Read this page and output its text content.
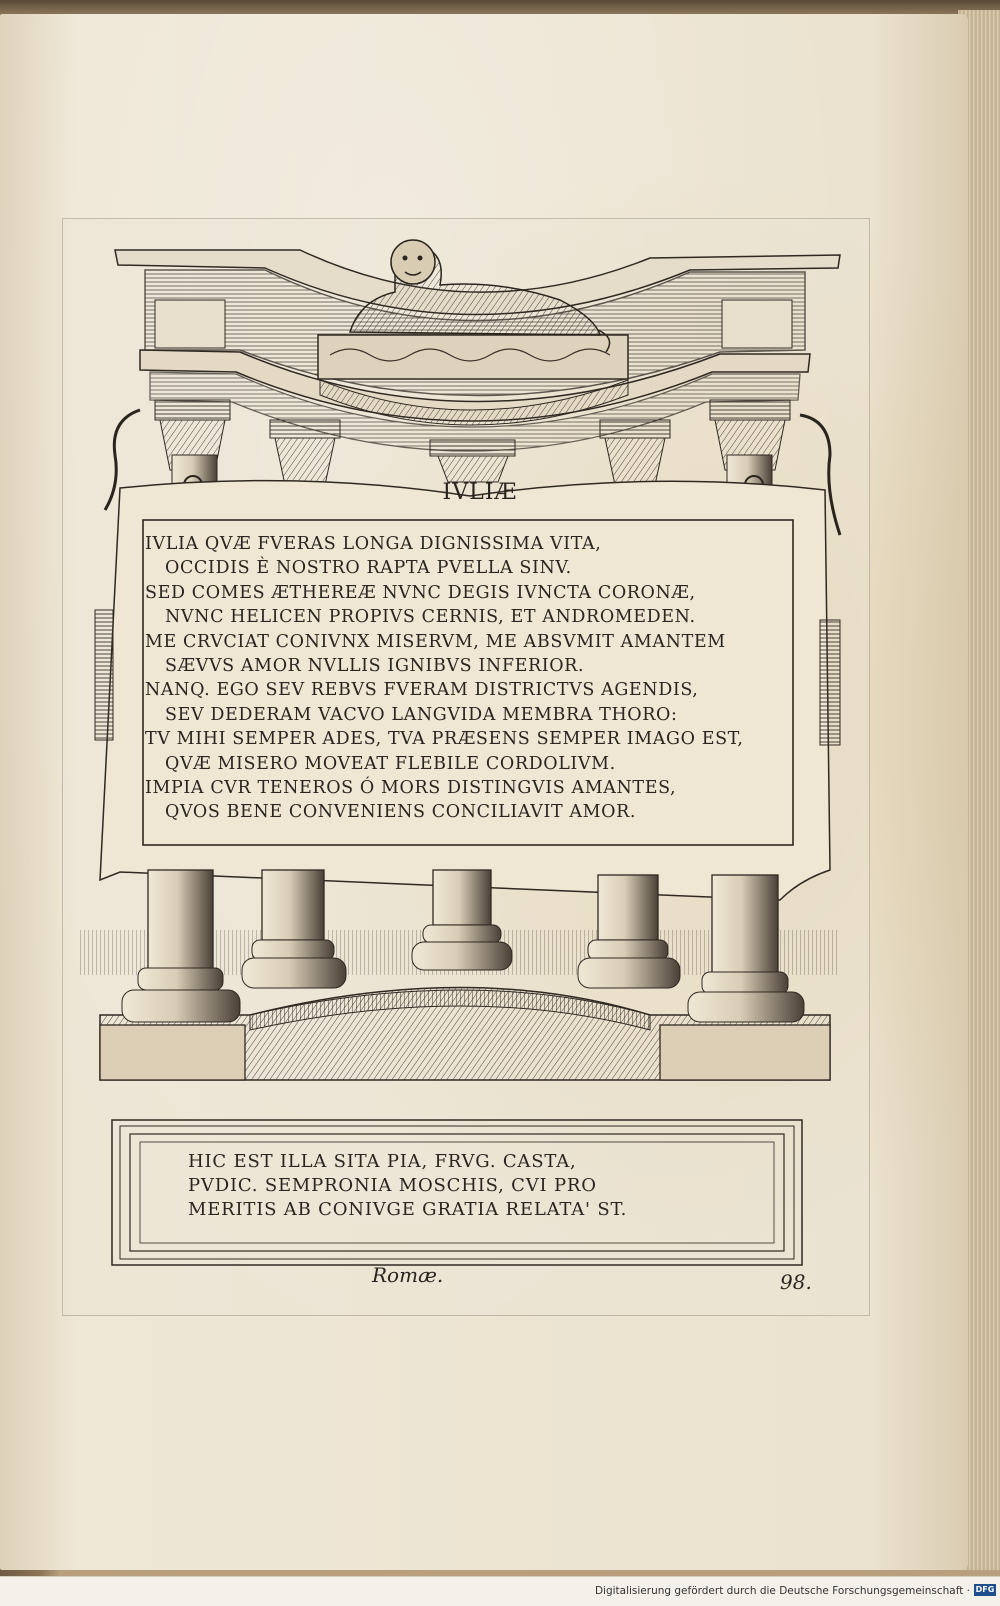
IVLIÆ
IVLIA QVÆ FVERAS LONGA DIGNISSIMA VITA,
OCCIDIS È NOSTRO RAPTA PVELLA SINV.
SED COMES ÆTHEREÆ NVNC DEGIS IVNCTA CORONÆ,
NVNC HELICEN PROPIVS CERNIS, ET ANDROMEDEN.
ME CRVCIAT CONIVNX MISERVM, ME ABSVMIT AMANTEM
SÆVVS AMOR NVLLIS IGNIBVS INFERIOR.
NANQ. EGO SEV REBVS FVERAM DISTRICTVS AGENDIS,
SEV DEDERAM VACVO LANGVIDA MEMBRA THORO:
TV MIHI SEMPER ADES, TVA PRÆSENS SEMPER IMAGO EST,
QVÆ MISERO MOVEAT FLEBILE CORDOLIVM.
IMPIA CVR TENEROS Ó MORS DISTINGVIS AMANTES,
QVOS BENE CONVENIENS CONCILIAVIT AMOR.
HIC EST ILLA SITA PIA, FRVG. CASTA,
PVDIC. SEMPRONIA MOSCHIS, CVI PRO
MERITIS AB CONIVGE GRATIA RELATA' ST.
Romæ.	98.
Digitalisierung gefördert durch die Deutsche Forschungsgemeinschaft · DFG
